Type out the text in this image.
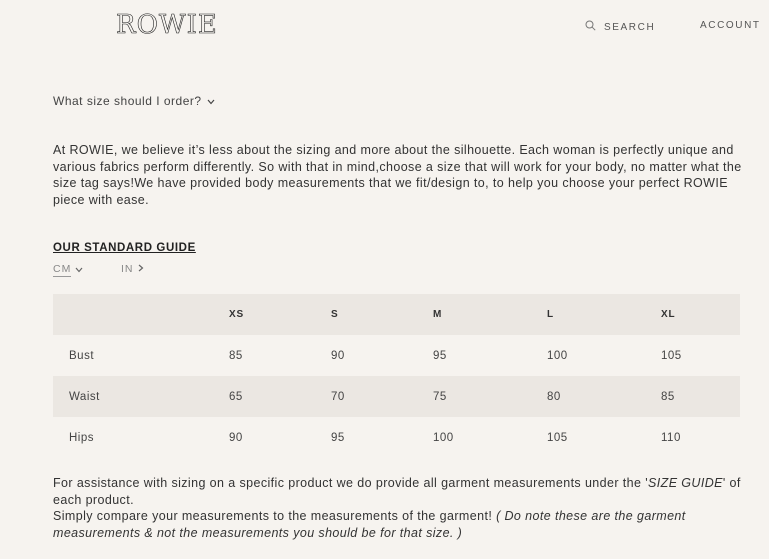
ROWIE	SEARCH	ACCOUNT
What size should I order?

At ROWIE, we believe it’s less about the sizing and more about the silhouette. Each woman is perfectly unique and various fabrics perform differently. So with that in mind,choose a size that will work for your body, no matter what the size tag says!We have provided body measurements that we fit/design to, to help you choose your perfect ROWIE piece with ease.

OUR STANDARD GUIDE
CM	IN
	XS	S	M	L	XL
Bust	85	90	95	100	105
Waist	65	70	75	80	85
Hips	90	95	100	105	110

For assistance with sizing on a specific product we do provide all garment measurements under the 'SIZE GUIDE' of each product.

Simply compare your measurements to the measurements of the garment! ( Do note these are the garment measurements & not the measurements you should be for that size. )
